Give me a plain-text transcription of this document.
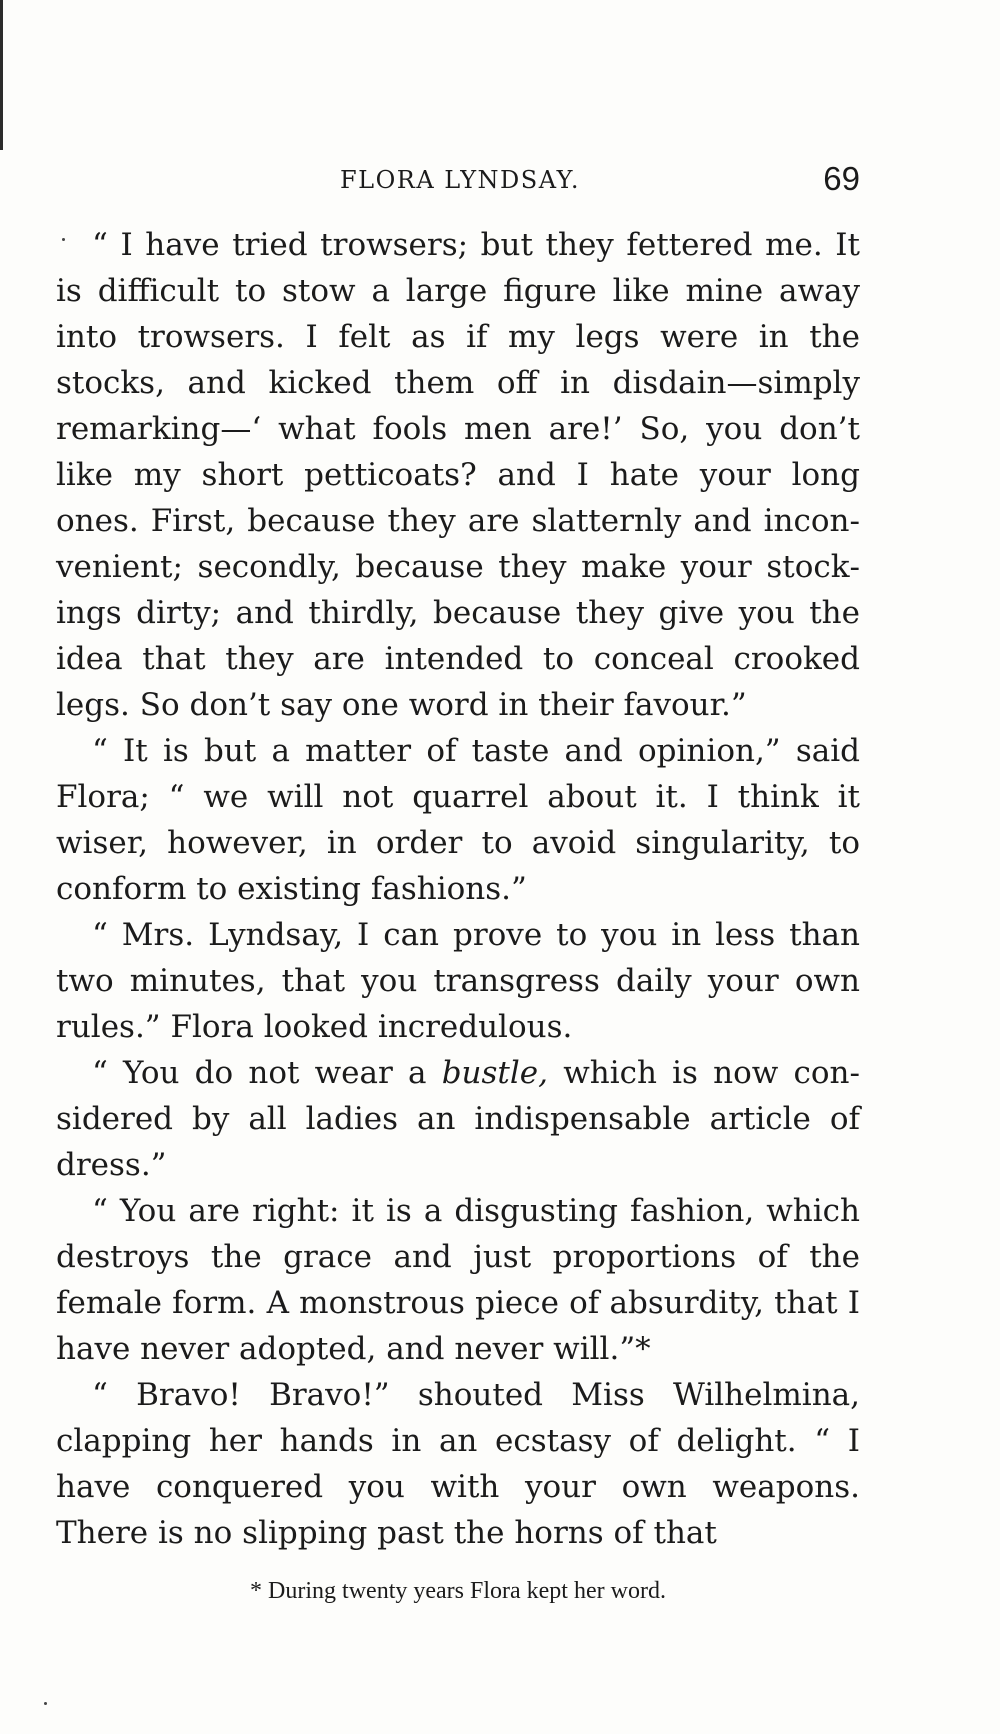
FLORA LYNDSAY.	69

“ I have tried trowsers; but they fettered me. It is difficult to stow a large figure like mine away into trowsers. I felt as if my legs were in the stocks, and kicked them off in disdain—simply remarking—‘ what fools men are!’ So, you don’t like my short petticoats? and I hate your long ones. First, because they are slatternly and inconvenient; secondly, because they make your stockings dirty; and thirdly, because they give you the idea that they are intended to conceal crooked legs. So don’t say one word in their favour.”

“ It is but a matter of taste and opinion,” said Flora; “ we will not quarrel about it. I think it wiser, however, in order to avoid singularity, to conform to existing fashions.”

“ Mrs. Lyndsay, I can prove to you in less than two minutes, that you transgress daily your own rules.” Flora looked incredulous.

“ You do not wear a bustle, which is now considered by all ladies an indispensable article of dress.”

“ You are right: it is a disgusting fashion, which destroys the grace and just proportions of the female form. A monstrous piece of absurdity, that I have never adopted, and never will.”*

“ Bravo! Bravo!” shouted Miss Wilhelmina, clapping her hands in an ecstasy of delight. “ I have conquered you with your own weapons. There is no slipping past the horns of that

* During twenty years Flora kept her word.
